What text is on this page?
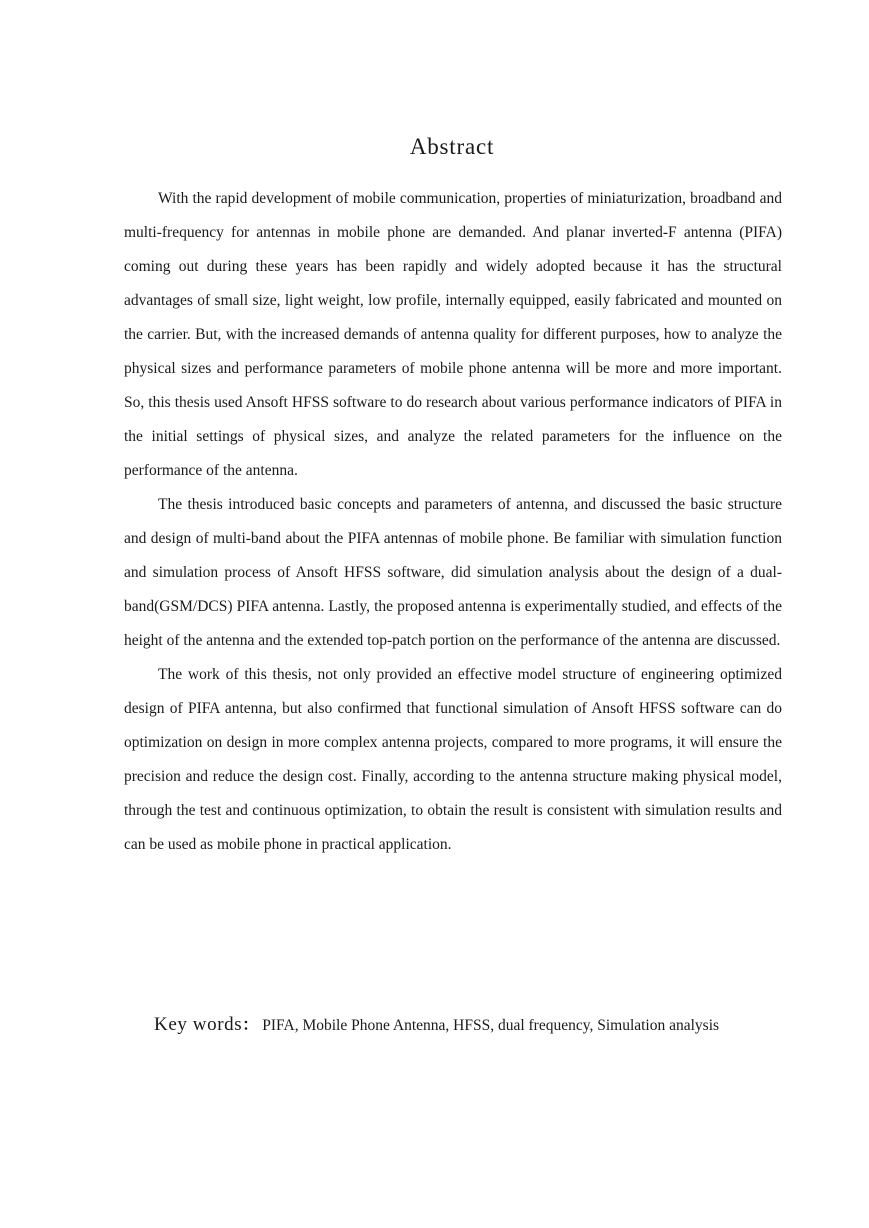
Abstract

With the rapid development of mobile communication, properties of miniaturization, broadband and multi-frequency for antennas in mobile phone are demanded. And planar inverted-F antenna (PIFA) coming out during these years has been rapidly and widely adopted because it has the structural advantages of small size, light weight, low profile, internally equipped, easily fabricated and mounted on the carrier. But, with the increased demands of antenna quality for different purposes, how to analyze the physical sizes and performance parameters of mobile phone antenna will be more and more important. So, this thesis used Ansoft HFSS software to do research about various performance indicators of PIFA in the initial settings of physical sizes, and analyze the related parameters for the influence on the performance of the antenna.

The thesis introduced basic concepts and parameters of antenna, and discussed the basic structure and design of multi-band about the PIFA antennas of mobile phone. Be familiar with simulation function and simulation process of Ansoft HFSS software, did simulation analysis about the design of a dual-band(GSM/DCS) PIFA antenna. Lastly, the proposed antenna is experimentally studied, and effects of the height of the antenna and the extended top-patch portion on the performance of the antenna are discussed.

The work of this thesis, not only provided an effective model structure of engineering optimized design of PIFA antenna, but also confirmed that functional simulation of Ansoft HFSS software can do optimization on design in more complex antenna projects, compared to more programs, it will ensure the precision and reduce the design cost. Finally, according to the antenna structure making physical model, through the test and continuous optimization, to obtain the result is consistent with simulation results and can be used as mobile phone in practical application.

Key words： PIFA, Mobile Phone Antenna, HFSS, dual frequency, Simulation analysis
